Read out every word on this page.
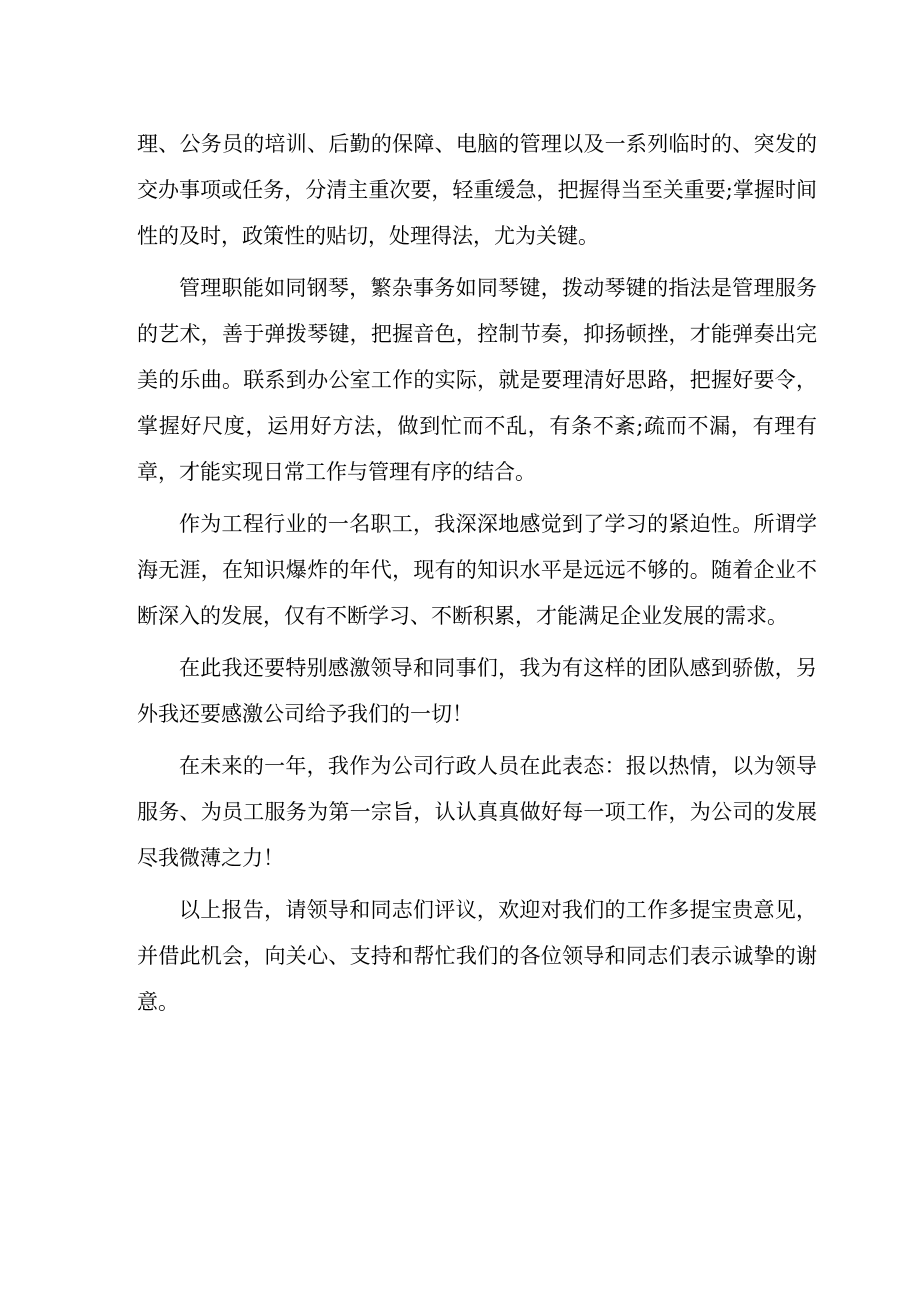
理、公务员的培训、后勤的保障、电脑的管理以及一系列临时的、突发的交办事项或任务，分清主重次要，轻重缓急，把握得当至关重要;掌握时间性的及时，政策性的贴切，处理得法，尤为关键。

管理职能如同钢琴，繁杂事务如同琴键，拨动琴键的指法是管理服务的艺术，善于弹拨琴键，把握音色，控制节奏，抑扬顿挫，才能弹奏出完美的乐曲。联系到办公室工作的实际，就是要理清好思路，把握好要令，掌握好尺度，运用好方法，做到忙而不乱，有条不紊;疏而不漏，有理有章，才能实现日常工作与管理有序的结合。

作为工程行业的一名职工，我深深地感觉到了学习的紧迫性。所谓学海无涯，在知识爆炸的年代，现有的知识水平是远远不够的。随着企业不断深入的发展，仅有不断学习、不断积累，才能满足企业发展的需求。

在此我还要特别感激领导和同事们，我为有这样的团队感到骄傲，另外我还要感激公司给予我们的一切！

在未来的一年，我作为公司行政人员在此表态：报以热情，以为领导服务、为员工服务为第一宗旨，认认真真做好每一项工作，为公司的发展尽我微薄之力！

以上报告，请领导和同志们评议，欢迎对我们的工作多提宝贵意见，并借此机会，向关心、支持和帮忙我们的各位领导和同志们表示诚挚的谢意。
